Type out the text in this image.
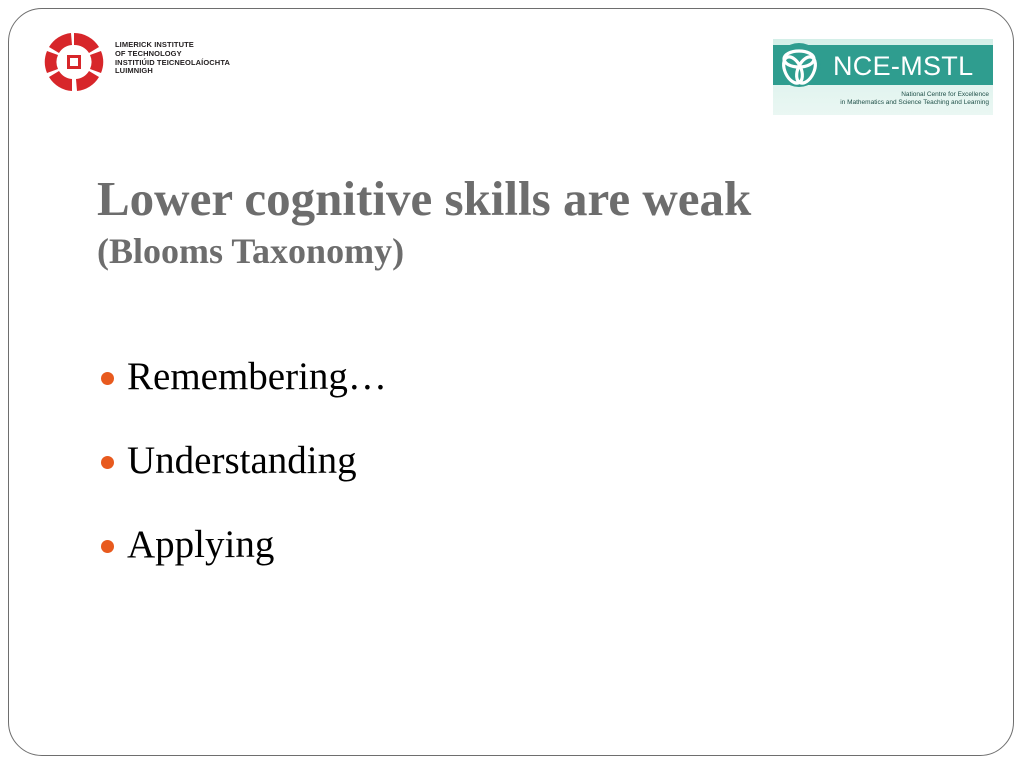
LIMERICK INSTITUTE
OF TECHNOLOGY
INSTITIÚID TEICNEOLAÍOCHTA
LUIMNIGH	NCE-MSTL
National Centre for Excellence
in Mathematics and Science Teaching and Learning
Lower cognitive skills are weak
(Blooms Taxonomy)
Remembering…
Understanding
Applying
